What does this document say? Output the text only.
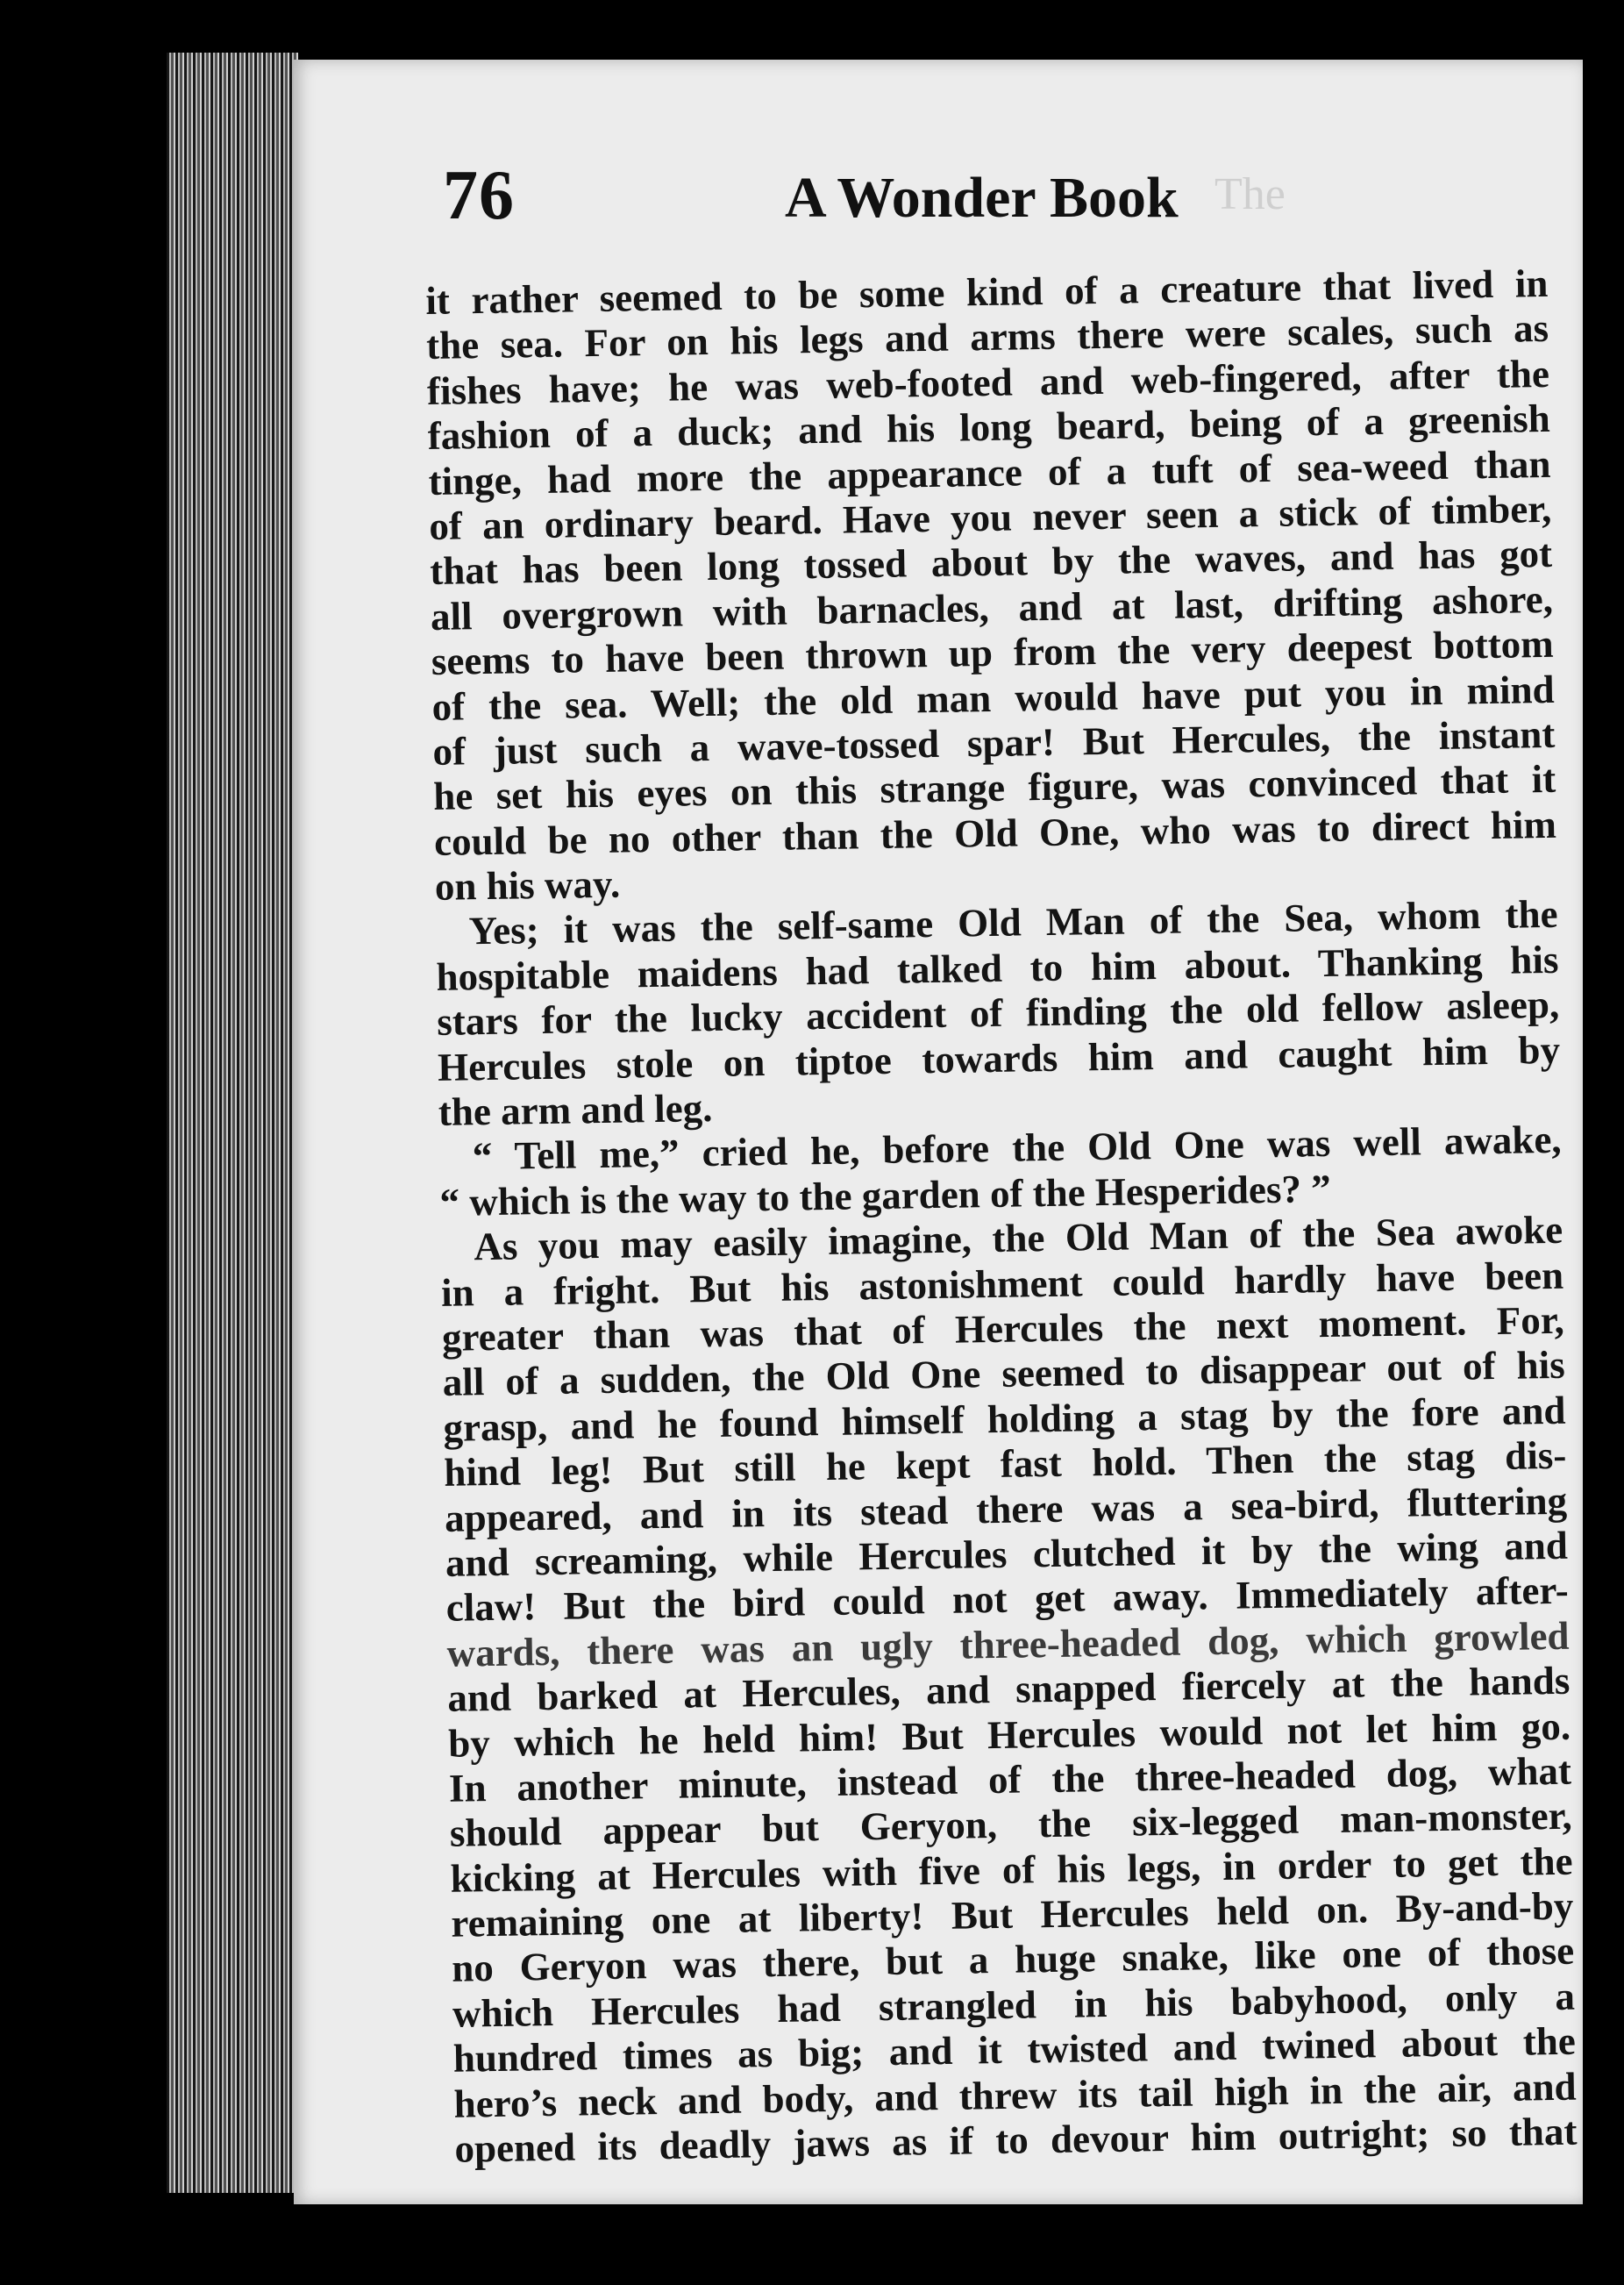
76	A Wonder Book The
it rather seemed to be some kind of a creature that lived in
the sea. For on his legs and arms there were scales, such as
fishes have; he was web-footed and web-fingered, after the
fashion of a duck; and his long beard, being of a greenish
tinge, had more the appearance of a tuft of sea-weed than
of an ordinary beard. Have you never seen a stick of timber,
that has been long tossed about by the waves, and has got
all overgrown with barnacles, and at last, drifting ashore,
seems to have been thrown up from the very deepest bottom
of the sea. Well; the old man would have put you in mind
of just such a wave-tossed spar! But Hercules, the instant
he set his eyes on this strange figure, was convinced that it
could be no other than the Old One, who was to direct him
on his way.
Yes; it was the self-same Old Man of the Sea, whom the
hospitable maidens had talked to him about. Thanking his
stars for the lucky accident of finding the old fellow asleep,
Hercules stole on tiptoe towards him and caught him by
the arm and leg.
“ Tell me,” cried he, before the Old One was well awake,
“ which is the way to the garden of the Hesperides? ”
As you may easily imagine, the Old Man of the Sea awoke
in a fright. But his astonishment could hardly have been
greater than was that of Hercules the next moment. For,
all of a sudden, the Old One seemed to disappear out of his
grasp, and he found himself holding a stag by the fore and
hind leg! But still he kept fast hold. Then the stag dis-
appeared, and in its stead there was a sea-bird, fluttering
and screaming, while Hercules clutched it by the wing and
claw! But the bird could not get away. Immediately after-
wards, there was an ugly three-headed dog, which growled
and barked at Hercules, and snapped fiercely at the hands
by which he held him! But Hercules would not let him go.
In another minute, instead of the three-headed dog, what
should appear but Geryon, the six-legged man-monster,
kicking at Hercules with five of his legs, in order to get the
remaining one at liberty! But Hercules held on. By-and-by
no Geryon was there, but a huge snake, like one of those
which Hercules had strangled in his babyhood, only a
hundred times as big; and it twisted and twined about the
hero’s neck and body, and threw its tail high in the air, and
opened its deadly jaws as if to devour him outright; so that
